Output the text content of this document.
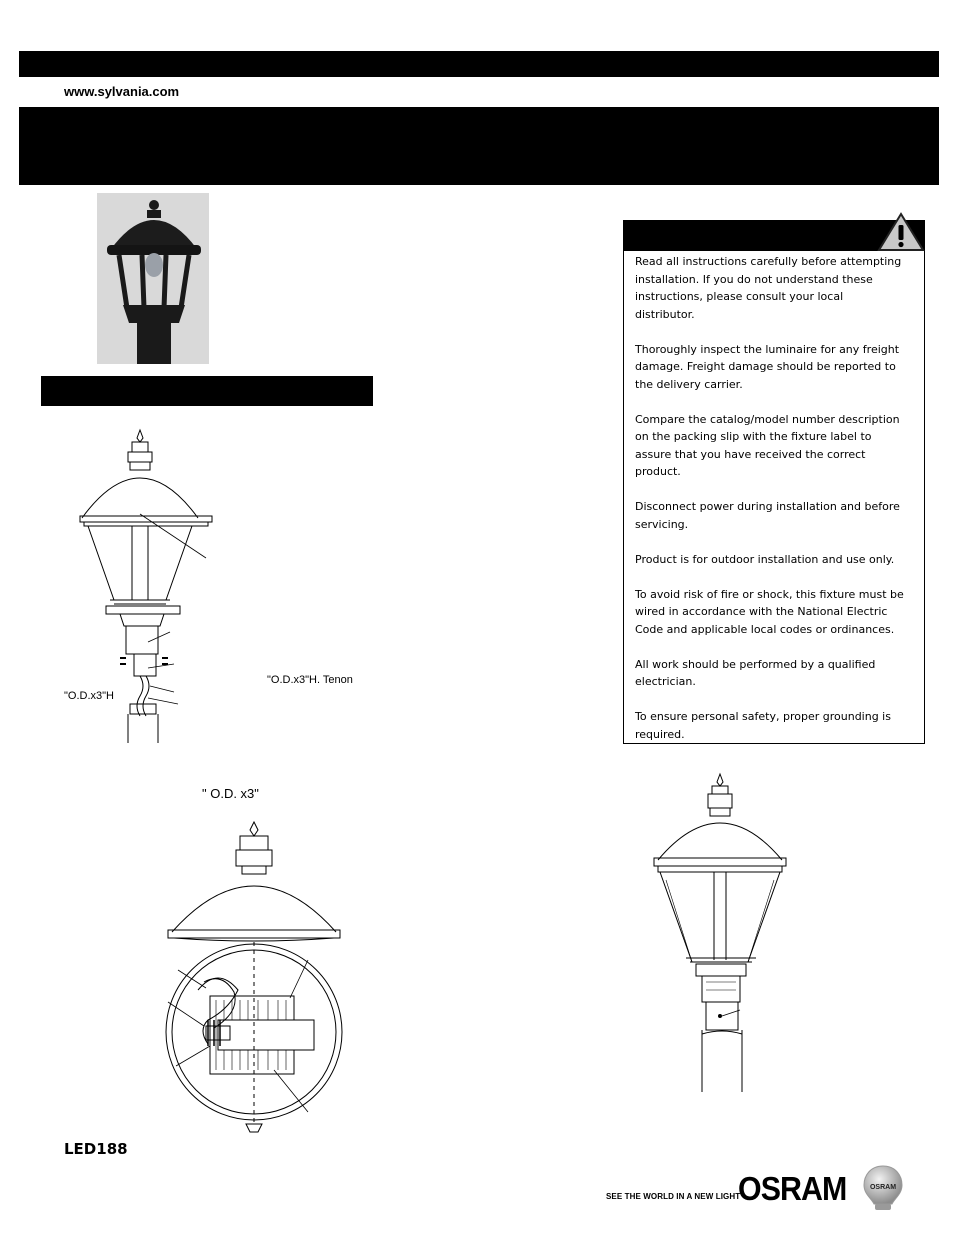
www.sylvania.com
"O.D.x3"H. Tenon
"O.D.x3"H
" O.D. x3"
Read all instructions carefully before attempting installation. If you do not understand these instructions, please consult your local distributor.
Thoroughly inspect the luminaire for any freight damage. Freight damage should be reported to the delivery carrier.
Compare the catalog/model number description on the packing slip with the fixture label to assure that you have received the correct product.
Disconnect power during installation and before servicing.
Product is for outdoor installation and use only.
To avoid risk of fire or shock, this fixture must be wired in accordance with the National Electric Code and applicable local codes or ordinances.
All work should be performed by a qualified electrician.
To ensure personal safety, proper grounding is required.
LED188
SEE THE WORLD IN A NEW LIGHT
OSRAM	OSRAM
